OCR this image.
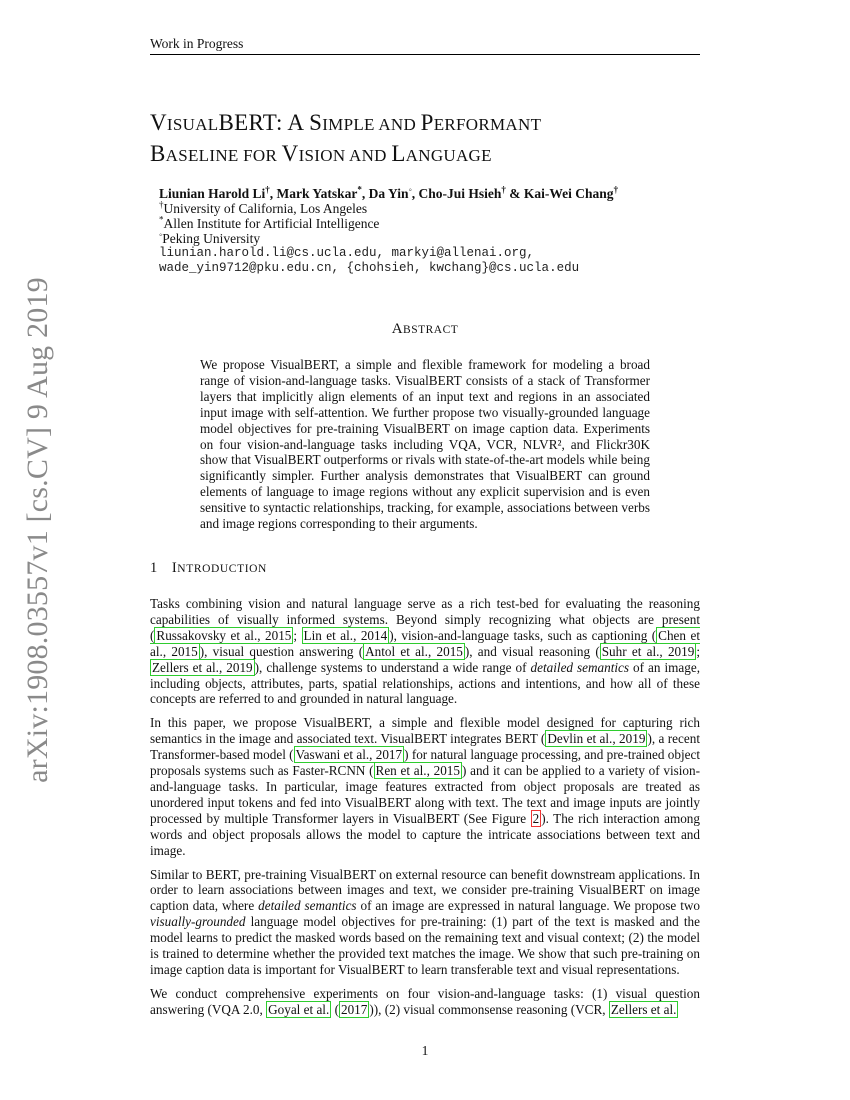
Work in Progress
arXiv:1908.03557v1 [cs.CV] 9 Aug 2019
VISUALBERT: A SIMPLE AND PERFORMANT
BASELINE FOR VISION AND LANGUAGE
Liunian Harold Li†, Mark Yatskar*, Da Yin◦, Cho-Jui Hsieh† & Kai-Wei Chang†
†University of California, Los Angeles
*Allen Institute for Artificial Intelligence
◦Peking University
liunian.harold.li@cs.ucla.edu, markyi@allenai.org,
wade_yin9712@pku.edu.cn, {chohsieh, kwchang}@cs.ucla.edu
ABSTRACT
We propose VisualBERT, a simple and flexible framework for modeling a broad range of vision-and-language tasks. VisualBERT consists of a stack of Transformer layers that implicitly align elements of an input text and regions in an associated input image with self-attention. We further propose two visually-grounded language model objectives for pre-training VisualBERT on image caption data. Experiments on four vision-and-language tasks including VQA, VCR, NLVR², and Flickr30K show that VisualBERT outperforms or rivals with state-of-the-art models while being significantly simpler. Further analysis demonstrates that VisualBERT can ground elements of language to image regions without any explicit supervision and is even sensitive to syntactic relationships, tracking, for example, associations between verbs and image regions corresponding to their arguments.
1 INTRODUCTION

Tasks combining vision and natural language serve as a rich test-bed for evaluating the reasoning capabilities of visually informed systems. Beyond simply recognizing what objects are present ( Russakovsky et al., 2015 ; Lin et al., 2014 ), vision-and-language tasks, such as captioning ( Chen et al., 2015 ), visual question answering ( Antol et al., 2015 ), and visual reasoning ( Suhr et al., 2019 ; Zellers et al., 2019 ), challenge systems to understand a wide range of detailed semantics of an image, including objects, attributes, parts, spatial relationships, actions and intentions, and how all of these concepts are referred to and grounded in natural language.

In this paper, we propose VisualBERT, a simple and flexible model designed for capturing rich semantics in the image and associated text. VisualBERT integrates BERT ( Devlin et al., 2019 ), a recent Transformer-based model ( Vaswani et al., 2017 ) for natural language processing, and pre-trained object proposals systems such as Faster-RCNN ( Ren et al., 2015 ) and it can be applied to a variety of vision-and-language tasks. In particular, image features extracted from object proposals are treated as unordered input tokens and fed into VisualBERT along with text. The text and image inputs are jointly processed by multiple Transformer layers in VisualBERT (See Figure 2 ). The rich interaction among words and object proposals allows the model to capture the intricate associations between text and image.

Similar to BERT, pre-training VisualBERT on external resource can benefit downstream applications. In order to learn associations between images and text, we consider pre-training VisualBERT on image caption data, where detailed semantics of an image are expressed in natural language. We propose two visually-grounded language model objectives for pre-training: (1) part of the text is masked and the model learns to predict the masked words based on the remaining text and visual context; (2) the model is trained to determine whether the provided text matches the image. We show that such pre-training on image caption data is important for VisualBERT to learn transferable text and visual representations.

We conduct comprehensive experiments on four vision-and-language tasks: (1) visual question answering (VQA 2.0, Goyal et al. ( 2017 )), (2) visual commonsense reasoning (VCR, Zellers et al.

1
